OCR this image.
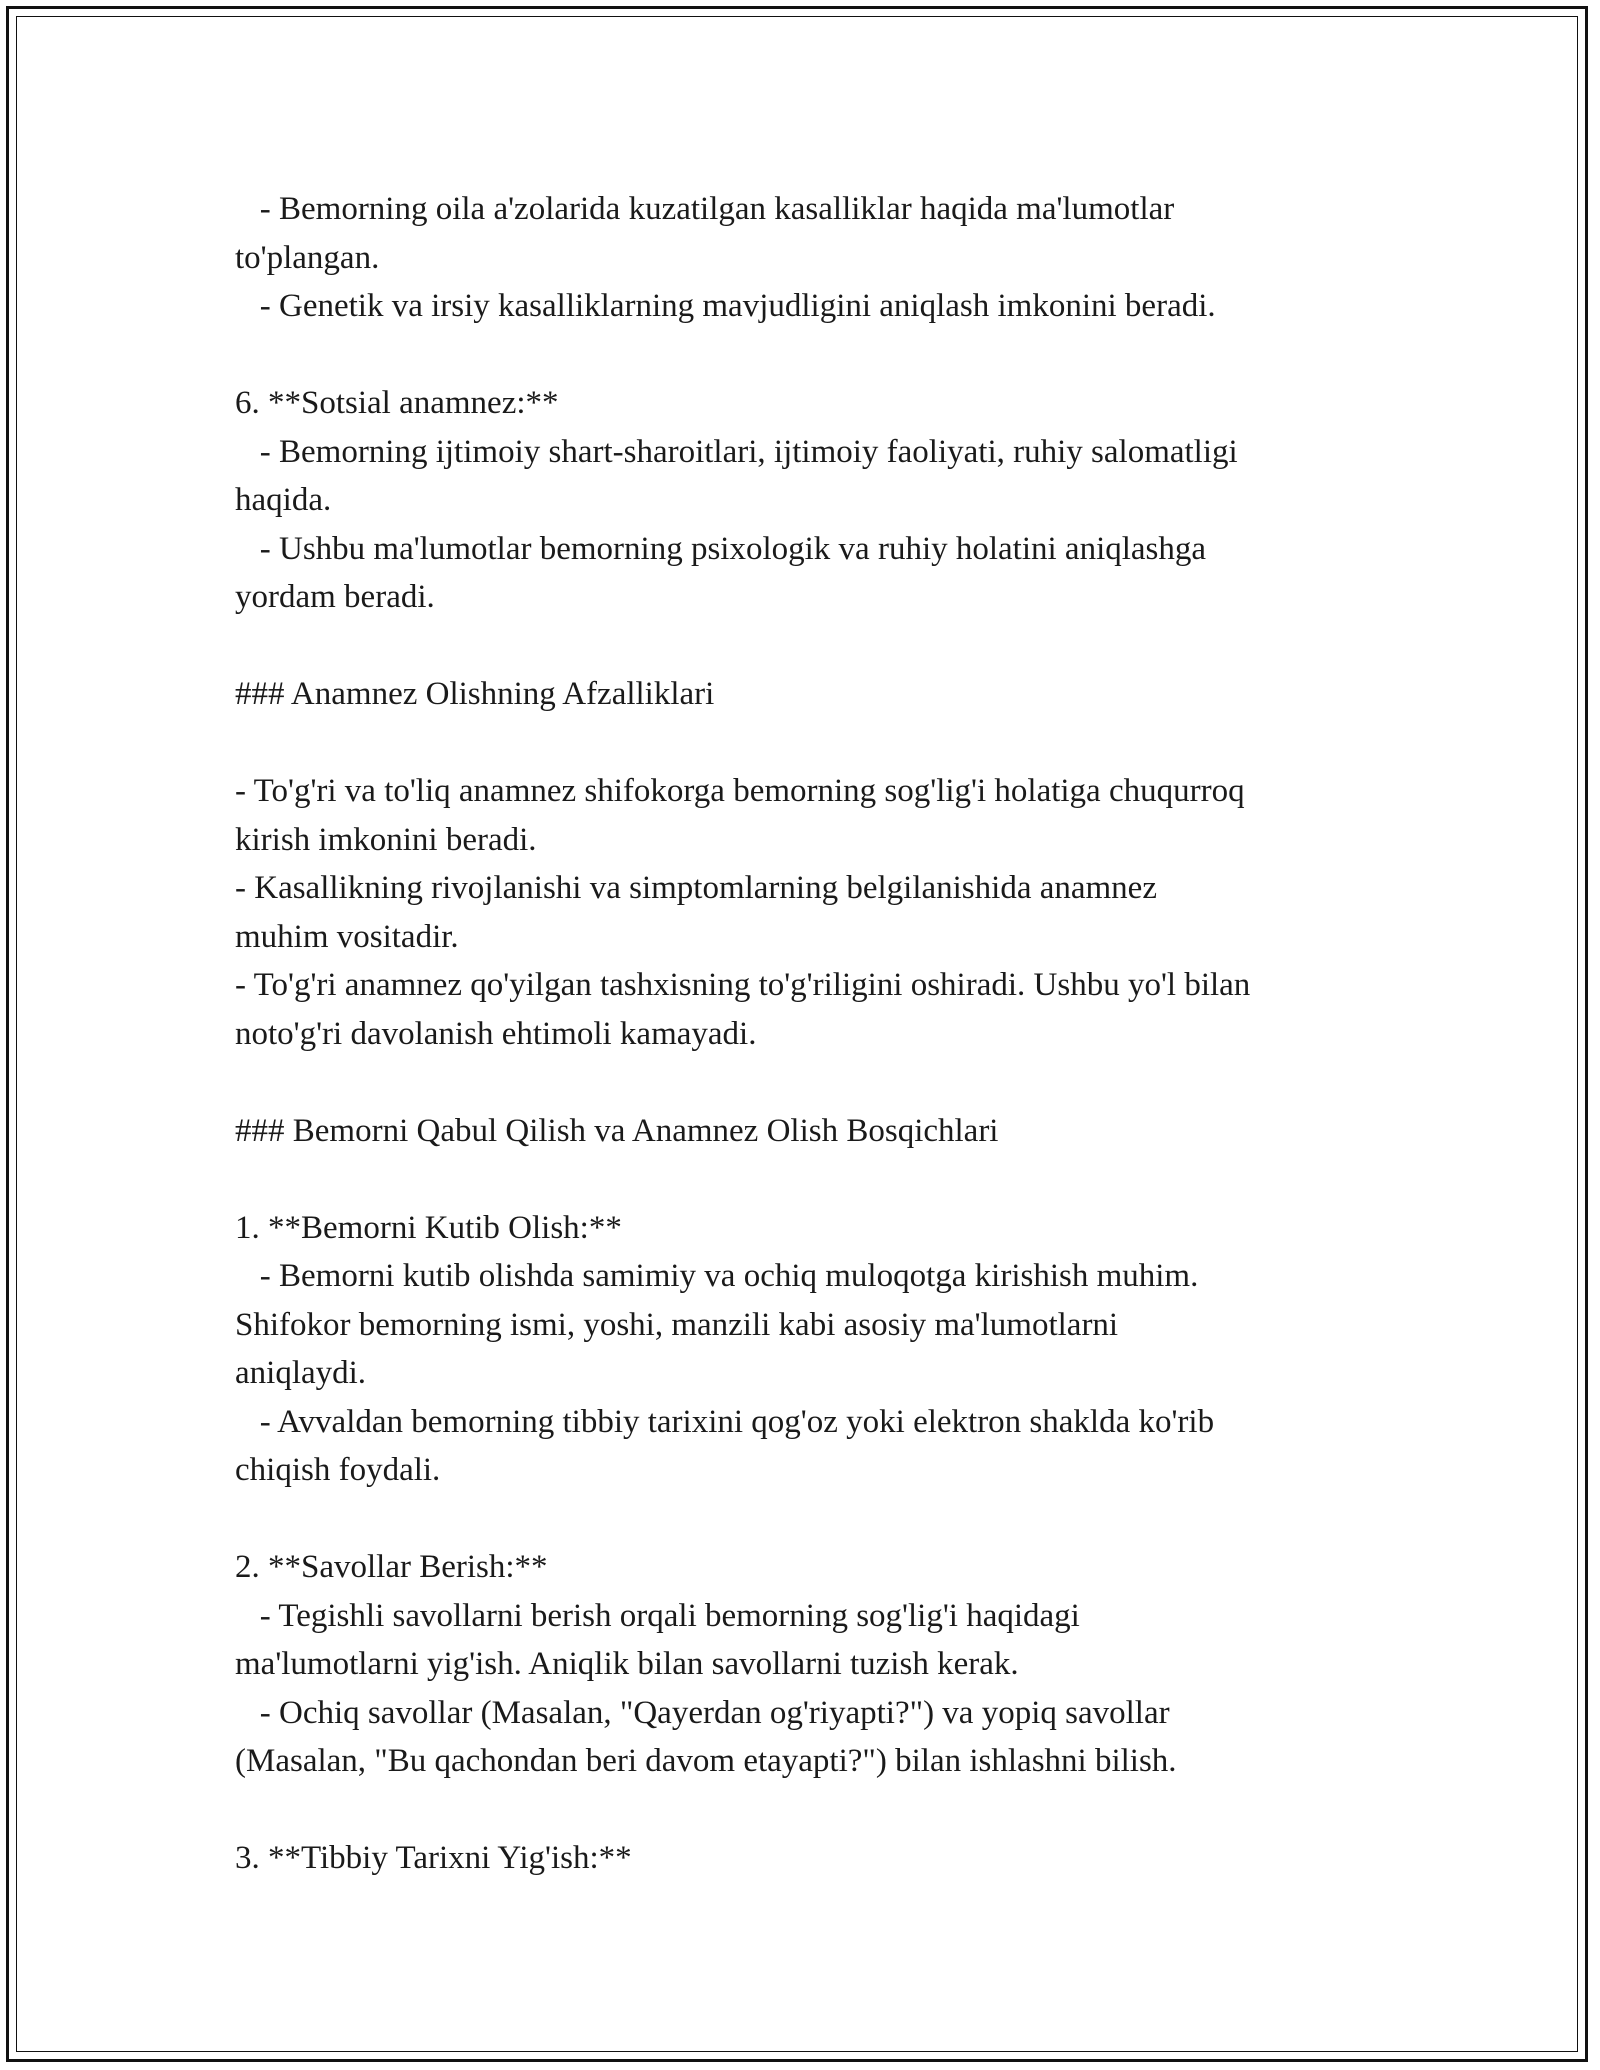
- Bemorning oila a'zolarida kuzatilgan kasalliklar haqida ma'lumotlar
to'plangan.
- Genetik va irsiy kasalliklarning mavjudligini aniqlash imkonini beradi.
6. **Sotsial anamnez:**
- Bemorning ijtimoiy shart-sharoitlari, ijtimoiy faoliyati, ruhiy salomatligi
haqida.
- Ushbu ma'lumotlar bemorning psixologik va ruhiy holatini aniqlashga
yordam beradi.
### Anamnez Olishning Afzalliklari
- To'g'ri va to'liq anamnez shifokorga bemorning sog'lig'i holatiga chuqurroq
kirish imkonini beradi.
- Kasallikning rivojlanishi va simptomlarning belgilanishida anamnez
muhim vositadir.
- To'g'ri anamnez qo'yilgan tashxisning to'g'riligini oshiradi. Ushbu yo'l bilan
noto'g'ri davolanish ehtimoli kamayadi.
### Bemorni Qabul Qilish va Anamnez Olish Bosqichlari
1. **Bemorni Kutib Olish:**
- Bemorni kutib olishda samimiy va ochiq muloqotga kirishish muhim.
Shifokor bemorning ismi, yoshi, manzili kabi asosiy ma'lumotlarni
aniqlaydi.
- Avvaldan bemorning tibbiy tarixini qog'oz yoki elektron shaklda ko'rib
chiqish foydali.
2. **Savollar Berish:**
- Tegishli savollarni berish orqali bemorning sog'lig'i haqidagi
ma'lumotlarni yig'ish. Aniqlik bilan savollarni tuzish kerak.
- Ochiq savollar (Masalan, "Qayerdan og'riyapti?") va yopiq savollar
(Masalan, "Bu qachondan beri davom etayapti?") bilan ishlashni bilish.
3. **Tibbiy Tarixni Yig'ish:**
